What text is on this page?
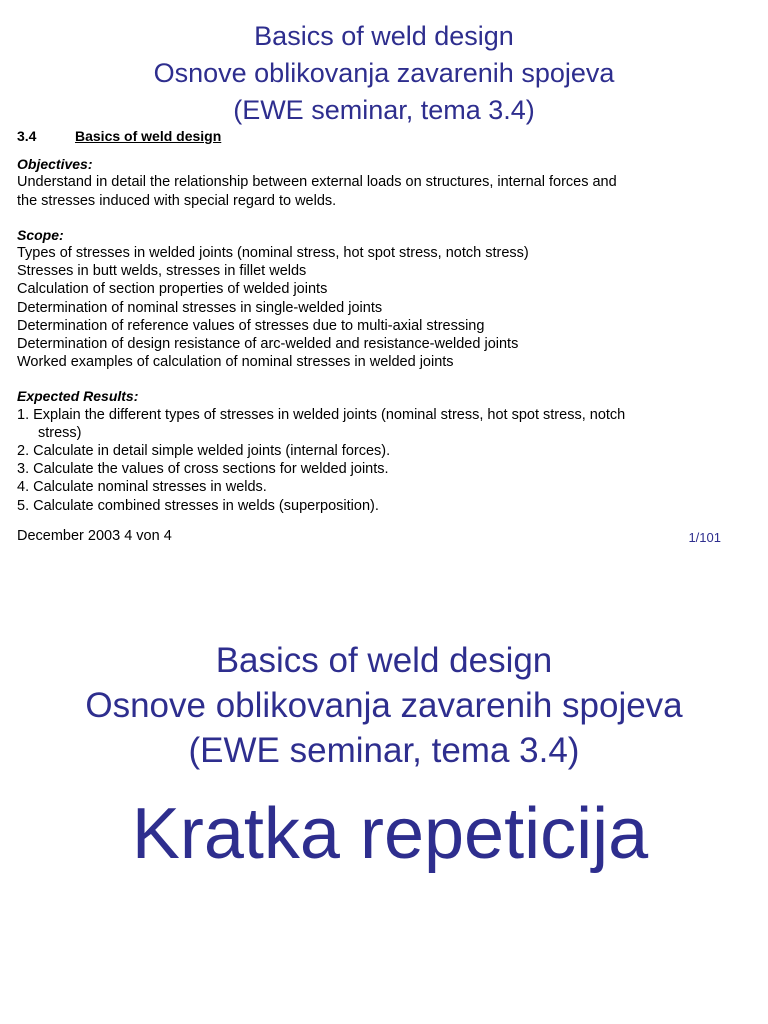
Basics of weld design
Osnove oblikovanja zavarenih spojeva
(EWE seminar, tema 3.4)
3.4	Basics of weld design
Objectives:
Understand in detail the relationship between external loads on structures, internal forces and
the stresses induced with special regard to welds.
Scope:
Types of stresses in welded joints (nominal stress, hot spot stress, notch stress)
Stresses in butt welds, stresses in fillet welds
Calculation of section properties of welded joints
Determination of nominal stresses in single-welded joints
Determination of reference values of stresses due to multi-axial stressing
Determination of design resistance of arc-welded and resistance-welded joints
Worked examples of calculation of nominal stresses in welded joints
Expected Results:
1. Explain the different types of stresses in welded joints (nominal stress, hot spot stress, notch
stress)
2. Calculate in detail simple welded joints (internal forces).
3. Calculate the values of cross sections for welded joints.
4. Calculate nominal stresses in welds.
5. Calculate combined stresses in welds (superposition).
December 2003 4 von 4	1/101
Basics of weld design
Osnove oblikovanja zavarenih spojeva
(EWE seminar, tema 3.4)
Kratka repeticija
